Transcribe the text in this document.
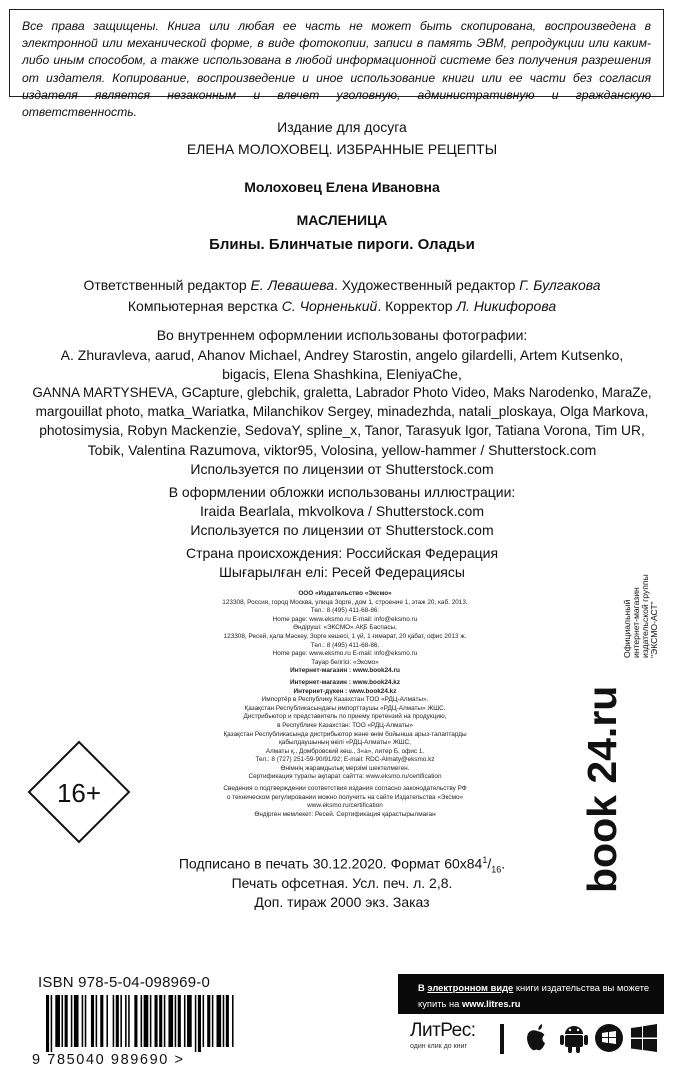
Все права защищены. Книга или любая ее часть не может быть скопирована, воспроизведена в электронной или механической форме, в виде фотокопии, записи в память ЭВМ, репродукции или каким-либо иным способом, а также использована в любой информационной системе без получения разрешения от издателя. Копирование, воспроизведение и иное использование книги или ее части без согласия издателя является незаконным и влечет уголовную, административную и гражданскую ответственность.
Издание для досуга
ЕЛЕНА МОЛОХОВЕЦ. ИЗБРАННЫЕ РЕЦЕПТЫ
Молоховец Елена Ивановна
МАСЛЕНИЦА
Блины. Блинчатые пироги. Оладьи
Ответственный редактор Е. Левашева. Художественный редактор Г. Булгакова
Компьютерная верстка С. Чорненький. Корректор Л. Никифорова
Во внутреннем оформлении использованы фотографии:
A. Zhuravleva, aarud, Ahanov Michael, Andrey Starostin, angelo gilardelli, Artem Kutsenko,
bigacis, Elena Shashkina, EleniyaChe,
GANNA MARTYSHEVA, GCapture, glebchik, graletta, Labrador Photo Video, Maks Narodenko, MaraZe,
margouillat photo, matka_Wariatka, Milanchikov Sergey, minadezhda, natali_ploskaya, Olga Markova,
photosimysia, Robyn Mackenzie, SedovaY, spline_x, Tanor, Tarasyuk Igor, Tatiana Vorona, Tim UR,
Tobik, Valentina Razumova, viktor95, Volosina, yellow-hammer / Shutterstock.com
Используется по лицензии от Shutterstock.com
В оформлении обложки использованы иллюстрации:
Iraida Bearlala, mkvolkova / Shutterstock.com
Используется по лицензии от Shutterstock.com
Страна происхождения: Российская Федерация
Шығарылған елі: Ресей Федерациясы
ООО «Издательство «Эксмо»
123308, Россия, город Москва, улица Зорге, дом 1, строение 1, этаж 20, каб. 2013.
Тел.: 8 (495) 411-68-86.
Home page: www.eksmo.ru E-mail: info@eksmo.ru
Өндіруші: «ЭКСМО» АҚБ Баспасы,
123308, Ресей, қала Мәскеу, Зорге көшесі, 1 үй, 1 ғимарат, 20 қабат, офис 2013 ж.
Тел.: 8 (495) 411-68-86.
Home page: www.eksmo.ru E-mail: info@eksmo.ru
Тауар белгісі: «Эксмо»
Интернет-магазин : www.book24.ru
Интернет-магазин : www.book24.kz
Интернет-дүкен : www.book24.kz
Импортёр в Республику Казахстан ТОО «РДЦ-Алматы».
Қазақстан Республикасындағы импорттаушы «РДЦ-Алматы» ЖШС.
Дистрибьютор и представитель по приему претензий на продукцию,
в Республике Казахстан: ТОО «РДЦ-Алматы»
Қазақстан Республикасында дистрибьютор және өнім бойынша арыз-талаптарды
қабылдаушының өкілі «РДЦ-Алматы» ЖШС,
Алматы қ., Домбровский көш., 3«а», литер Б, офис 1.
Тел.: 8 (727) 251-59-90/91/92; E-mail: RDC-Almaty@eksmo.kz
Өнімнің жарамдылық мерзімі шектелмеген.
Сертификация туралы ақпарат сайтта: www.eksmo.ru/certification
Сведения о подтверждении соответствия издания согласно законодательству РФ
о техническом регулировании можно получить на сайте Издательства «Эксмо»
www.eksmo.ru/certification
Өндірген мемлекет: Ресей. Сертификация қарастырылмаған	book 24.ru
Официальный интернет-магазин издательской группы "ЭКСМО-АСТ"
16+
Подписано в печать 30.12.2020. Формат $60х84^1/_{16}$.
Печать офсетная. Усл. печ. л. 2,8.
Доп. тираж 2000 экз. Заказ
ISBN 978-5-04-098969-0
9 785040 989690 >
В электронном виде книги издательства вы можете
купить на www.litres.ru
ЛитРес:
один клик до книг
